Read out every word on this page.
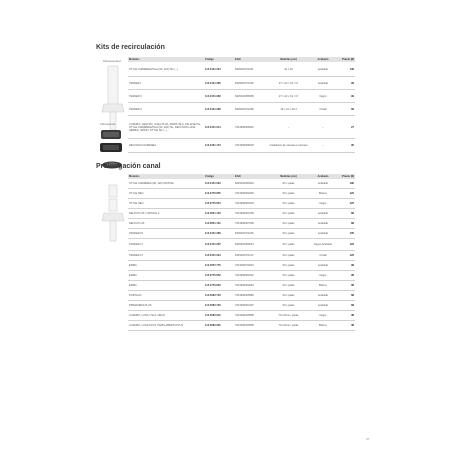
Kits de recirculación
Chimenea pared
Chimenea isla
Modelos	Código	EAN	Medidas (cm)	Acabado	Precio (€)
STYLE CHIMENEA/ISLA (90, 120) ISL (...)	112.0151.264	8425402371011	19 x 20	Acabado	136
TENDER I	112.0151.285	8425402371158	27 x 22 x 19 / 17	Acabado	99
TENDER II	112.0151.282	8425402356068	27 x 22 x 19 / 17	Negro	99
TENDER II	112.0151.288	8425402371080	16 x 21 x 20,4	Cristal	99
CUADRO, CENTRO, LUNA PLUS, PARIS ISLA, FALAISE ISL, STYLE CHIMENEA/ISLA (90, 120) ISL, DECOVAN LUNA SERIES, ORION, STYLE ISL (...)	112.0151.314	7613390068401	–	–	27
DECOVAN CHIMENEA	112.0161.154	7613390068418	Instalación de carcasa a carcasa	–	95
Prolongación canal
Modelos	Código	EAN	Medidas (cm)	Acabado	Precio (€)
STYLE CHIMENEA (90, 120) CRISTAL	112.0151.084	8425402050310	90 x patas	Acabado	190
STYLE NEO	112.0776.855	7613390062025	90 x patas	Blanco	122
STYLE NEO	112.0776.854	7613390062018	90 x patas	Negro	122
DELTA PLUS / CRISTAL 2	112.0651.153	7613390064159	90 x patas	Acabado	89
DELTA PLUS	112.0651.161	7613390067008	90 x patas	Acabado	89
TENDER IN	112.0151.289	8425402371165	90 x patas	Acabado	105
TENDER III	112.0151.287	8425402356044	90 x patas	Negro Acabado	122
TENDER III	112.0151.294	8425402371172	90 x patas	Cristal	122
EMMA	112.0557.776	7613390070015	90 x patas	Acabado	98
EMMA	112.0776.852	7613390062032	90 x patas	Negro	98
EMMA	112.0776.853	7613390062049	90 x patas	Blanco	98
PORTALIX	112.0582.703	7613390065880	90 x patas	Acabado	68
PRIMAVERA PLUS	112.0582.703	7613390063107	90 x patas	Acabado	68
CUADRO, LUNA / ISLA, DECO	112.0582.940	7613390049598	70 x/hora x patas	Negro	38
CUADRO, LUNA PLUS, PARIS ABERTA PLUS	112.0582.995	7613390049598	70 x/hora x patas	Blanco	38
67
